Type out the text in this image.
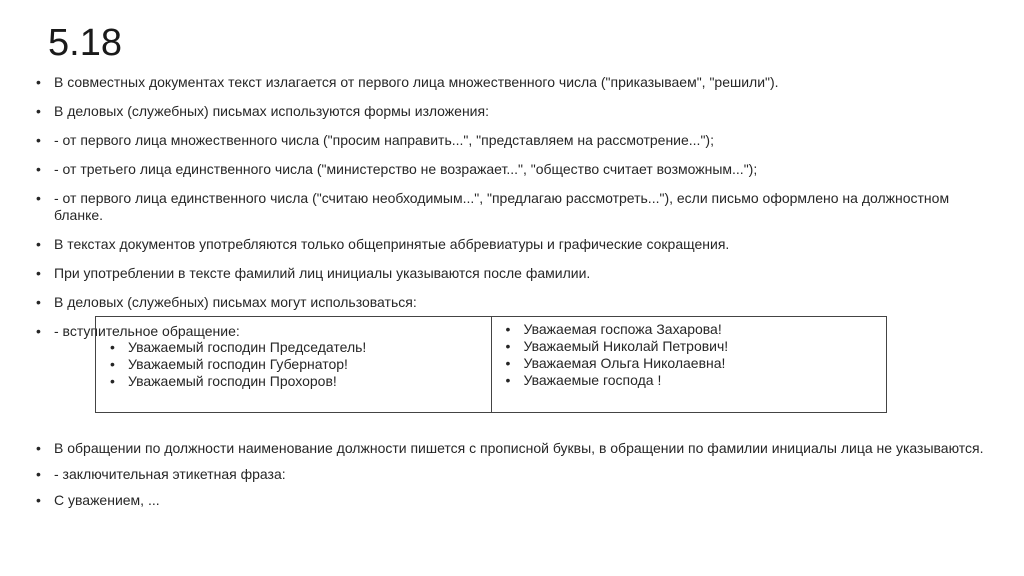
5.18
• В совместных документах текст излагается от первого лица множественного числа ("приказываем", "решили").
• В деловых (служебных) письмах используются формы изложения:
• - от первого лица множественного числа ("просим направить...", "представляем на рассмотрение...");
• - от третьего лица единственного числа ("министерство не возражает...", "общество считает возможным...");
• - от первого лица единственного числа ("считаю необходимым...", "предлагаю рассмотреть..."), если письмо оформлено на должностном бланке.
• В текстах документов употребляются только общепринятые аббревиатуры и графические сокращения.
• При употреблении в тексте фамилий лиц инициалы указываются после фамилии.
• В деловых (служебных) письмах могут использоваться:
• - вступительное обращение:
• Уважаемый господин Председатель!
• Уважаемый господин Губернатор!
• Уважаемый господин Прохоров!

• Уважаемая госпожа Захарова!
• Уважаемый Николай Петрович!
• Уважаемая Ольга Николаевна!
• Уважаемые господа !
• В обращении по должности наименование должности пишется с прописной буквы, в обращении по фамилии инициалы лица не указываются.
• - заключительная этикетная фраза:
• С уважением, ...
